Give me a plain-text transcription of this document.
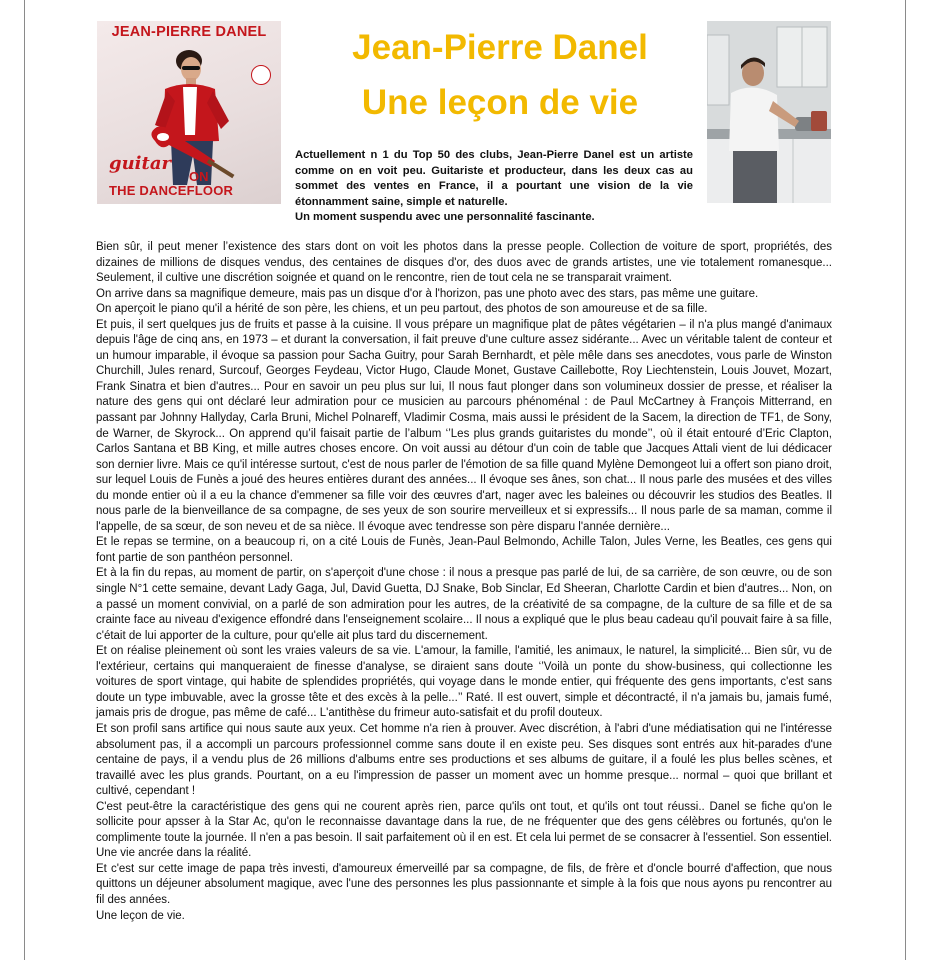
JEAN-PIERRE DANEL
guitar
ON
THE DANCEFLOOR
Jean-Pierre Danel
Une leçon de vie

Actuellement n 1 du Top 50 des clubs, Jean-Pierre Danel est un artiste comme on en voit peu. Guitariste et producteur, dans les deux cas au sommet des ventes en France, il a pourtant une vision de la vie étonnamment saine, simple et naturelle.
Un moment suspendu avec une personnalité fascinante.

Bien sûr, il peut mener l’existence des stars dont on voit les photos dans la presse people. Collection de voiture de sport, propriétés, des dizaines de millions de disques vendus, des centaines de disques d'or, des duos avec de grands artistes, une vie totalement romanesque... Seulement, il cultive une discrétion soignée et quand on le rencontre, rien de tout cela ne se transparait vraiment.

On arrive dans sa magnifique demeure, mais pas un disque d'or à l'horizon, pas une photo avec des stars, pas même une guitare.

On aperçoit le piano qu'il a hérité de son père, les chiens, et un peu partout, des photos de son amoureuse et de sa fille.

Et puis, il sert quelques jus de fruits et passe à la cuisine. Il vous prépare un magnifique plat de pâtes végétarien – il n'a plus mangé d'animaux depuis l'âge de cinq ans, en 1973 – et durant la conversation, il fait preuve d'une culture assez sidérante... Avec un véritable talent de conteur et un humour imparable, il évoque sa passion pour Sacha Guitry, pour Sarah Bernhardt, et pèle mêle dans ses anecdotes, vous parle de Winston Churchill, Jules renard, Surcouf, Georges Feydeau, Victor Hugo, Claude Monet, Gustave Caillebotte, Roy Liechtenstein, Louis Jouvet, Mozart, Frank Sinatra et bien d'autres... Pour en savoir un peu plus sur lui, Il nous faut plonger dans son volumineux dossier de presse, et réaliser la nature des gens qui ont déclaré leur admiration pour ce musicien au parcours phénoménal : de Paul McCartney à François Mitterrand, en passant par Johnny Hallyday, Carla Bruni, Michel Polnareff, Vladimir Cosma, mais aussi le président de la Sacem, la direction de TF1, de Sony, de Warner, de Skyrock... On apprend qu’il faisait partie de l’album ‘’Les plus grands guitaristes du monde’’, où il était entouré d’Eric Clapton, Carlos Santana et BB King, et mille autres choses encore. On voit aussi au détour d'un coin de table que Jacques Attali vient de lui dédicacer son dernier livre. Mais ce qu'il intéresse surtout, c'est de nous parler de l'émotion de sa fille quand Mylène Demongeot lui a offert son piano droit, sur lequel Louis de Funès a joué des heures entières durant des années... Il évoque ses ânes, son chat... Il nous parle des musées et des villes du monde entier où il a eu la chance d'emmener sa fille voir des œuvres d'art, nager avec les baleines ou découvrir les studios des Beatles. Il nous parle de la bienveillance de sa compagne, de ses yeux de son sourire merveilleux et si expressifs... Il nous parle de sa maman, comme il l'appelle, de sa sœur, de son neveu et de sa nièce. Il évoque avec tendresse son père disparu l'année dernière...

Et le repas se termine, on a beaucoup ri, on a cité Louis de Funès, Jean-Paul Belmondo, Achille Talon, Jules Verne, les Beatles, ces gens qui font partie de son panthéon personnel.

Et à la fin du repas, au moment de partir, on s'aperçoit d'une chose : il nous a presque pas parlé de lui, de sa carrière, de son œuvre, ou de son single N°1 cette semaine, devant Lady Gaga, Jul, David Guetta, DJ Snake, Bob Sinclar, Ed Sheeran, Charlotte Cardin et bien d'autres... Non, on a passé un moment convivial, on a parlé de son admiration pour les autres, de la créativité de sa compagne, de la culture de sa fille et de sa crainte face au niveau d'exigence effondré dans l'enseignement scolaire... Il nous a expliqué que le plus beau cadeau qu'il pouvait faire à sa fille, c'était de lui apporter de la culture, pour qu'elle ait plus tard du discernement.

Et on réalise pleinement où sont les vraies valeurs de sa vie. L'amour, la famille, l'amitié, les animaux, le naturel, la simplicité... Bien sûr, vu de l'extérieur, certains qui manqueraient de finesse d'analyse, se diraient sans doute ‘’Voilà un ponte du show-business, qui collectionne les voitures de sport vintage, qui habite de splendides propriétés, qui voyage dans le monde entier, qui fréquente des gens importants, c'est sans doute un type imbuvable, avec la grosse tête et des excès à la pelle...’’ Raté. Il est ouvert, simple et décontracté, il n'a jamais bu, jamais fumé, jamais pris de drogue, pas même de café... L'antithèse du frimeur auto-satisfait et du profil douteux.

Et son profil sans artifice qui nous saute aux yeux. Cet homme n'a rien à prouver. Avec discrétion, à l'abri d'une médiatisation qui ne l'intéresse absolument pas, il a accompli un parcours professionnel comme sans doute il en existe peu. Ses disques sont entrés aux hit-parades d'une centaine de pays, il a vendu plus de 26 millions d'albums entre ses productions et ses albums de guitare, il a foulé les plus belles scènes, et travaillé avec les plus grands. Pourtant, on a eu l'impression de passer un moment avec un homme presque... normal – quoi que brillant et cultivé, cependant !

C'est peut-être la caractéristique des gens qui ne courent après rien, parce qu'ils ont tout, et qu'ils ont tout réussi.. Danel se fiche qu'on le sollicite pour apsser à la Star Ac, qu'on le reconnaisse davantage dans la rue, de ne fréquenter que des gens célèbres ou fortunés, qu'on le complimente toute la journée. Il n'en a pas besoin. Il sait parfaitement où il en est. Et cela lui permet de se consacrer à l'essentiel. Son essentiel. Une vie ancrée dans la réalité.

Et c'est sur cette image de papa très investi, d'amoureux émerveillé par sa compagne, de fils, de frère et d'oncle bourré d'affection, que nous quittons un déjeuner absolument magique, avec l'une des personnes les plus passionnante et simple à la fois que nous ayons pu rencontrer au fil des années.

Une leçon de vie.
